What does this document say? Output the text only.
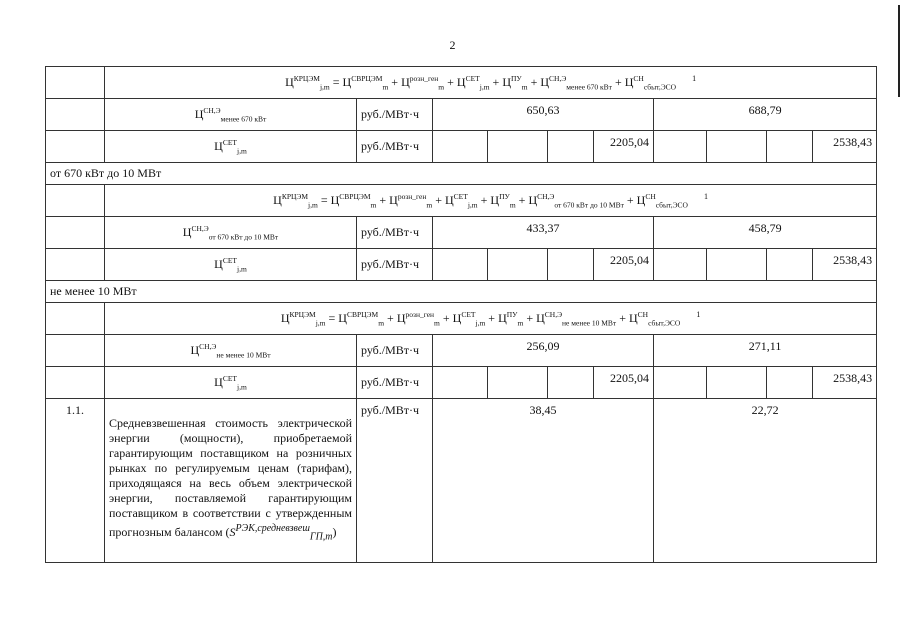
2
	$Ц^{КРЦЭМ}_{j,m} = Ц^{СВРЦЭМ}_m + Ц^{розн\_ген}_m + Ц^{СЕТ}_{j,m} + Ц^{ПУ}_m + Ц^{СН,Э}_{менее 670 кВт} + Ц^{СН}_{сбыт,ЭСО}^1$
	$Ц^{СН,Э}_{менее 670 кВт}$	руб./МВт·ч	650,63				688,79			
	$Ц^{СЕТ}_{j,m}$	руб./МВт·ч				2205,04				2538,43
от 670 кВт до 10 МВт										
	$Ц^{КРЦЭМ}_{j,m} = Ц^{СВРЦЭМ}_m + Ц^{розн\_ген}_m + Ц^{СЕТ}_{j,m} + Ц^{ПУ}_m + Ц^{СН,Э}_{от 670 кВт до 10 МВт} + Ц^{СН}_{сбыт,ЭСО}^1$
	$Ц^{СН,Э}_{от 670 кВт до 10 МВт}$	руб./МВт·ч	433,37				458,79			
	$Ц^{СЕТ}_{j,m}$	руб./МВт·ч				2205,04				2538,43
не менее 10 МВт										
	$Ц^{КРЦЭМ}_{j,m} = Ц^{СВРЦЭМ}_m + Ц^{розн\_ген}_m + Ц^{СЕТ}_{j,m} + Ц^{ПУ}_m + Ц^{СН,Э}_{не менее 10 МВт} + Ц^{СН}_{сбыт,ЭСО}^1$
	$Ц^{СН,Э}_{не менее 10 МВт}$	руб./МВт·ч	256,09				271,11			
	$Ц^{СЕТ}_{j,m}$	руб./МВт·ч				2205,04				2538,43
1.1.	Средневзвешенная стоимость электрической энергии (мощности), приобретаемой гарантирующим поставщиком на розничных рынках по регулируемым ценам (тарифам), приходящаяся на весь объем электрической энергии, поставляемой гарантирующим поставщиком в соответствии с утвержденным прогнозным балансом $(S^{РЭК,средневзвеш}_{ГП,m})$	руб./МВт·ч	38,45				22,72			
